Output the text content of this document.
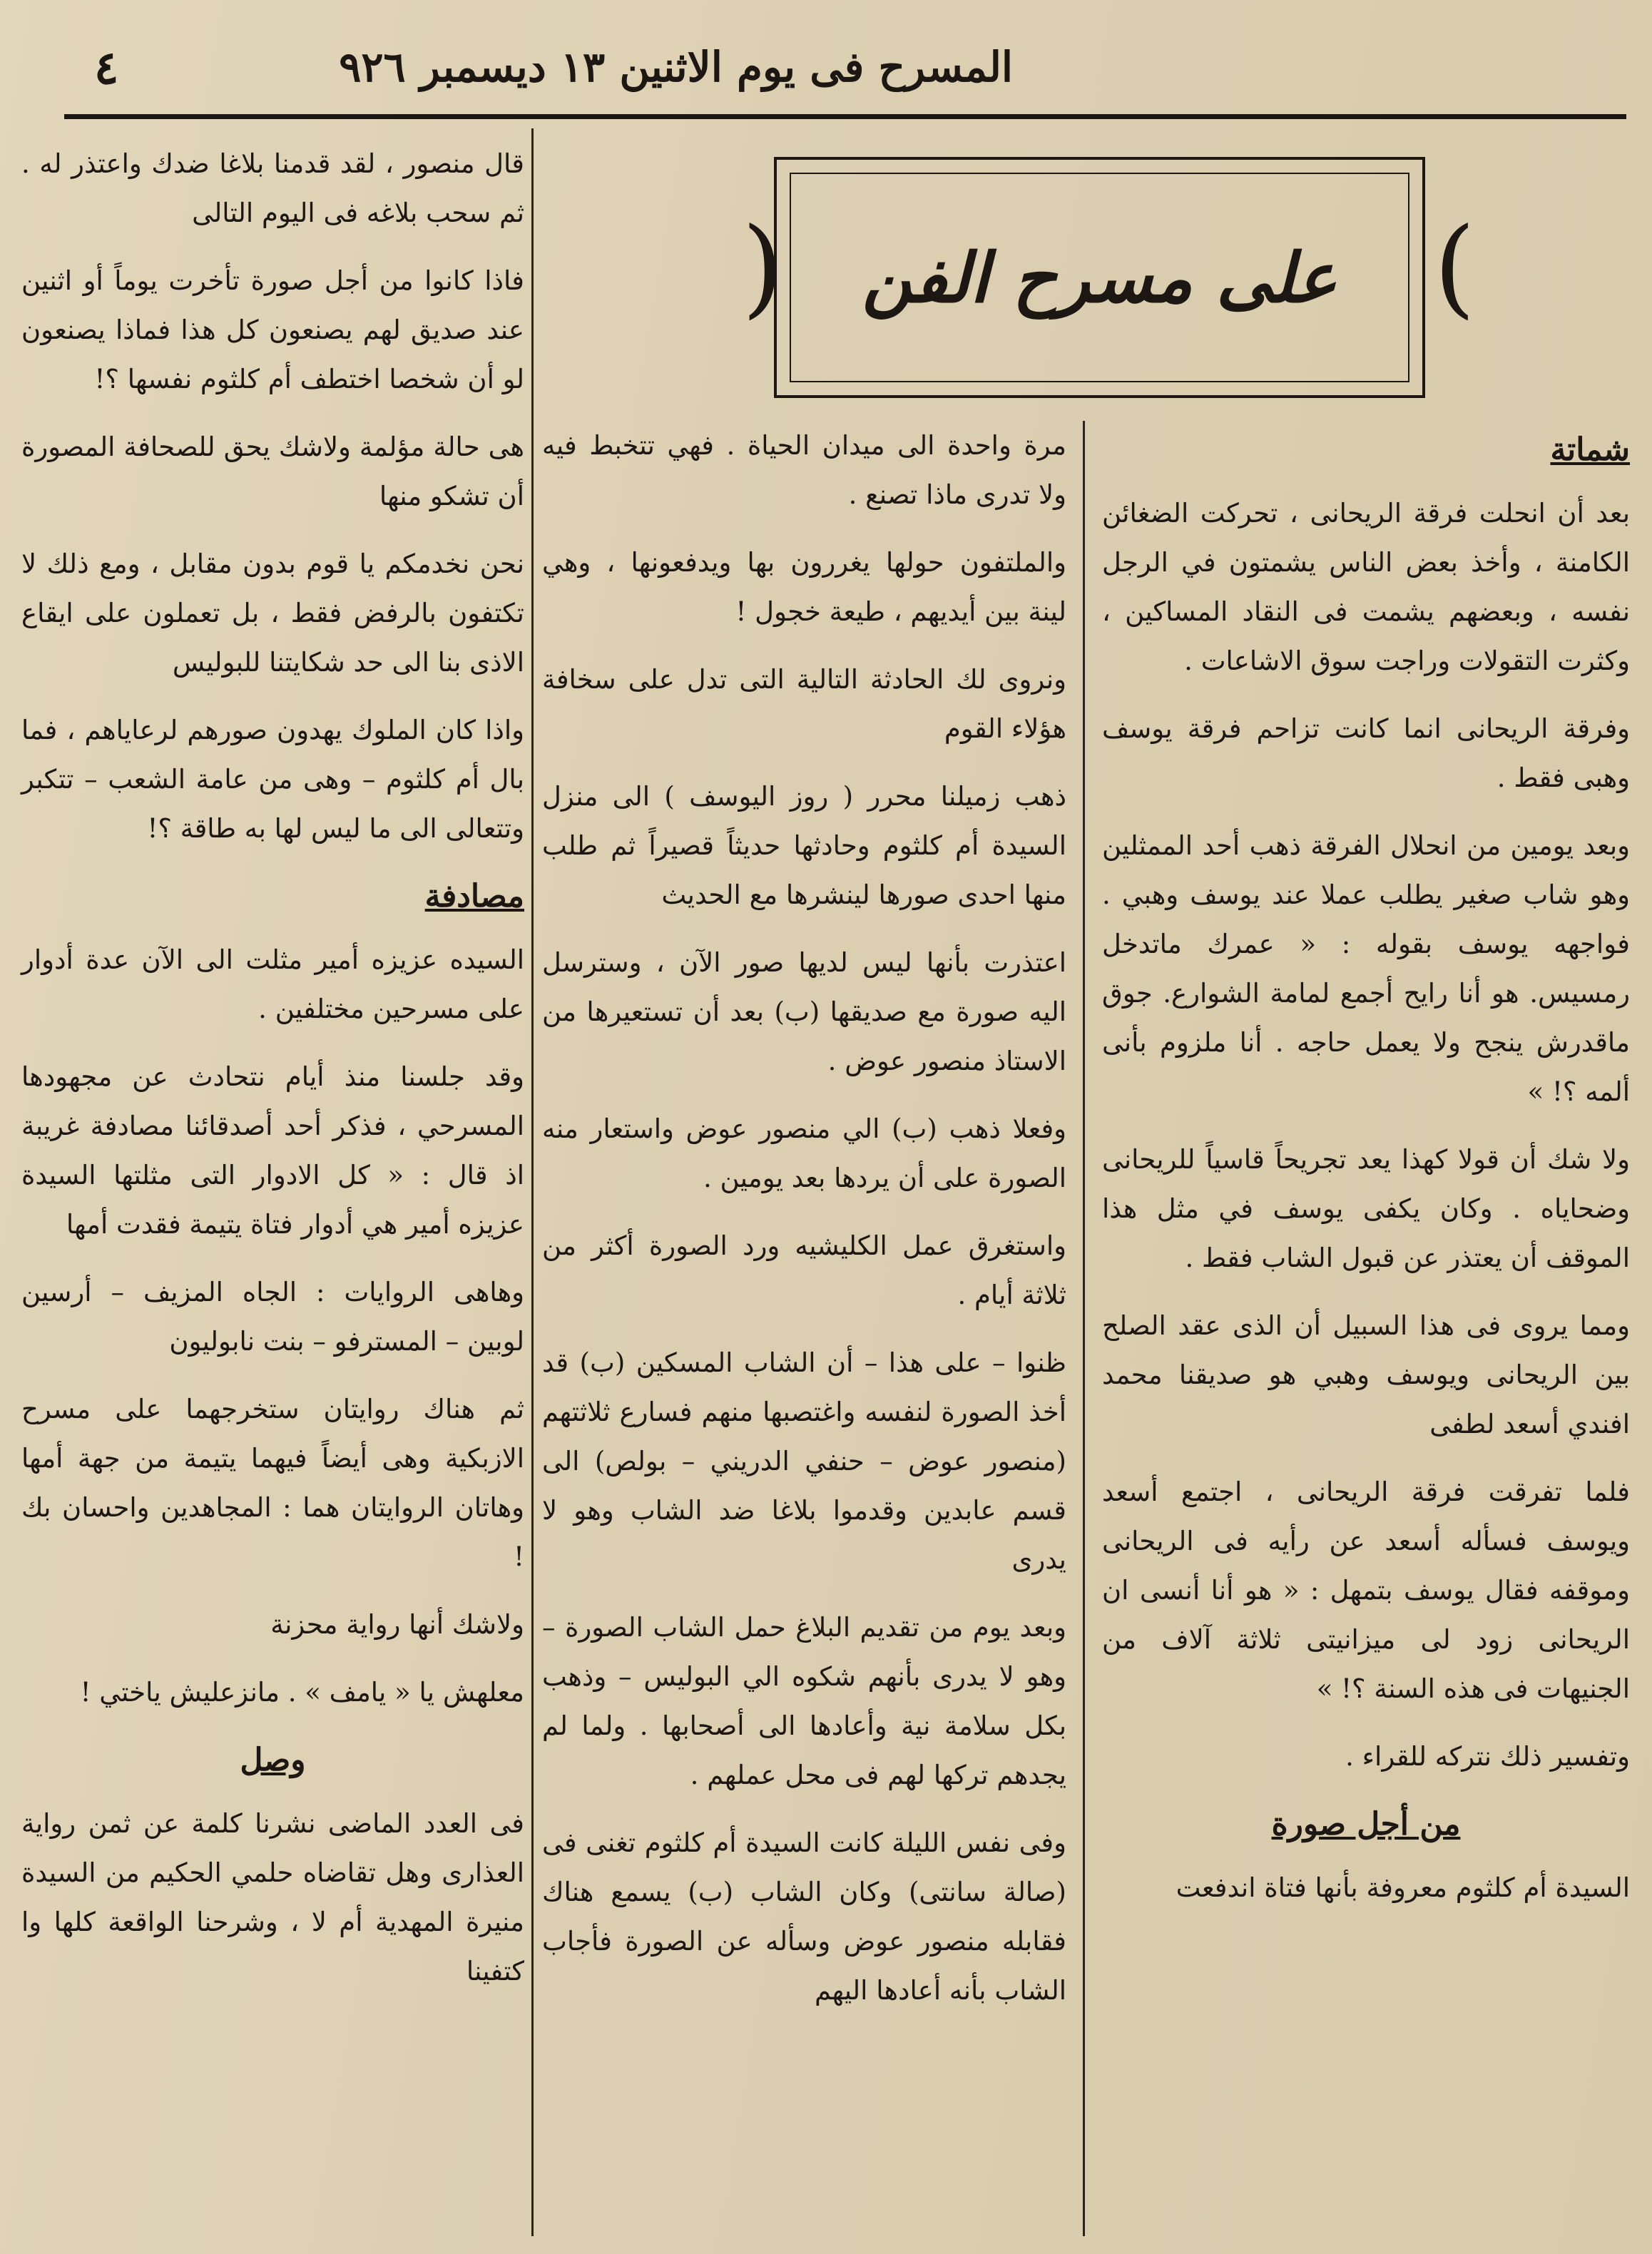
المسرح فى يوم الاثنين ١٣ ديسمبر ٩٢٦
٤
(
) على مسرح الفن
شماتة

بعد أن انحلت فرقة الريحانى ، تحركت الضغائن الكامنة ، وأخذ بعض الناس يشمتون في الرجل نفسه ، وبعضهم يشمت فى النقاد المساكين ، وكثرت التقولات وراجت سوق الاشاعات .

وفرقة الريحانى انما كانت تزاحم فرقة يوسف وهبى فقط .

وبعد يومين من انحلال الفرقة ذهب أحد الممثلين وهو شاب صغير يطلب عملا عند يوسف وهبي . فواجهه يوسف بقوله : « عمرك ماتدخل رمسيس. هو أنا رايح أجمع لمامة الشوارع. جوق ماقدرش ينجح ولا يعمل حاجه . أنا ملزوم بأنى ألمه ؟! »

ولا شك أن قولا كهذا يعد تجريحاً قاسياً للريحانى وضحاياه . وكان يكفى يوسف في مثل هذا الموقف أن يعتذر عن قبول الشاب فقط .

ومما يروى فى هذا السبيل أن الذى عقد الصلح بين الريحانى ويوسف وهبي هو صديقنا محمد افندي أسعد لطفى

فلما تفرقت فرقة الريحانى ، اجتمع أسعد ويوسف فسأله أسعد عن رأيه فى الريحانى وموقفه فقال يوسف بتمهل : « هو أنا أنسى ان الريحانى زود لى ميزانيتى ثلاثة آلاف من الجنيهات فى هذه السنة ؟! »

وتفسير ذلك نتركه للقراء .

من أجل صورة

السيدة أم كلثوم معروفة بأنها فتاة اندفعت

مرة واحدة الى ميدان الحياة . فهي تتخبط فيه ولا تدرى ماذا تصنع .

والملتفون حولها يغررون بها ويدفعونها ، وهي لينة بين أيديهم ، طيعة خجول !

ونروى لك الحادثة التالية التى تدل على سخافة هؤلاء القوم

ذهب زميلنا محرر ( روز اليوسف ) الى منزل السيدة أم كلثوم وحادثها حديثاً قصيراً ثم طلب منها احدى صورها لينشرها مع الحديث

اعتذرت بأنها ليس لديها صور الآن ، وسترسل اليه صورة مع صديقها (ب) بعد أن تستعيرها من الاستاذ منصور عوض .

وفعلا ذهب (ب) الي منصور عوض واستعار منه الصورة على أن يردها بعد يومين .

واستغرق عمل الكليشيه ورد الصورة أكثر من ثلاثة أيام .

ظنوا – على هذا – أن الشاب المسكين (ب) قد أخذ الصورة لنفسه واغتصبها منهم فسارع ثلاثتهم (منصور عوض – حنفي الدريني – بولص) الى قسم عابدين وقدموا بلاغا ضد الشاب وهو لا يدرى

وبعد يوم من تقديم البلاغ حمل الشاب الصورة – وهو لا يدرى بأنهم شكوه الي البوليس – وذهب بكل سلامة نية وأعادها الى أصحابها . ولما لم يجدهم تركها لهم فى محل عملهم .

وفى نفس الليلة كانت السيدة أم كلثوم تغنى فى (صالة سانتى) وكان الشاب (ب) يسمع هناك فقابله منصور عوض وسأله عن الصورة فأجاب الشاب بأنه أعادها اليهم

قال منصور ، لقد قدمنا بلاغا ضدك واعتذر له . ثم سحب بلاغه فى اليوم التالى

فاذا كانوا من أجل صورة تأخرت يوماً أو اثنين عند صديق لهم يصنعون كل هذا فماذا يصنعون لو أن شخصا اختطف أم كلثوم نفسها ؟!

هى حالة مؤلمة ولاشك يحق للصحافة المصورة أن تشكو منها

نحن نخدمكم يا قوم بدون مقابل ، ومع ذلك لا تكتفون بالرفض فقط ، بل تعملون على ايقاع الاذى بنا الى حد شكايتنا للبوليس

واذا كان الملوك يهدون صورهم لرعاياهم ، فما بال أم كلثوم – وهى من عامة الشعب – تتكبر وتتعالى الى ما ليس لها به طاقة ؟!

مصادفة

السيده عزيزه أمير مثلت الى الآن عدة أدوار على مسرحين مختلفين .

وقد جلسنا منذ أيام نتحادث عن مجهودها المسرحي ، فذكر أحد أصدقائنا مصادفة غريبة اذ قال : « كل الادوار التى مثلتها السيدة عزيزه أمير هي أدوار فتاة يتيمة فقدت أمها

وهاهى الروايات : الجاه المزيف – أرسين لوبين – المسترفو – بنت نابوليون

ثم هناك روايتان ستخرجهما على مسرح الازبكية وهى أيضاً فيهما يتيمة من جهة أمها وهاتان الروايتان هما : المجاهدين واحسان بك !

ولاشك أنها رواية محزنة

معلهش يا « يامف » . مانزعليش ياختي !

وصل

فى العدد الماضى نشرنا كلمة عن ثمن رواية العذارى وهل تقاضاه حلمي الحكيم من السيدة منيرة المهدية أم لا ، وشرحنا الواقعة كلها وا كتفينا
